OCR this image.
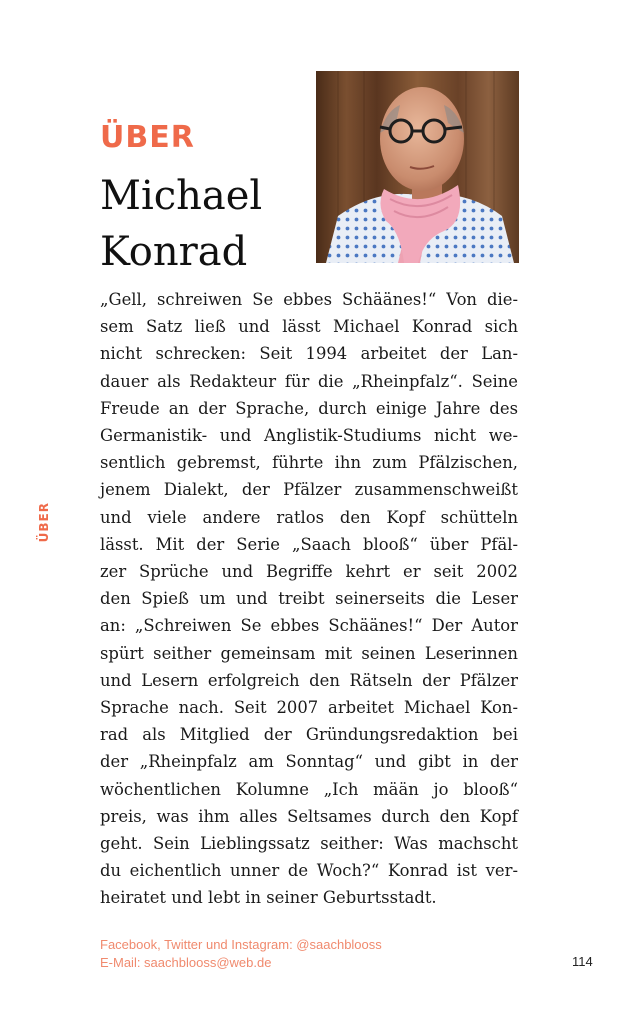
ÜBER
Michael
Konrad
ÜBER
„Gell, schreiwen Se ebbes Schäänes!“ Von die-
sem Satz ließ und lässt Michael Konrad sich
nicht schrecken: Seit 1994 arbeitet der Lan-
dauer als Redakteur für die „Rheinpfalz“. Seine
Freude an der Sprache, durch einige Jahre des
Germanistik- und Anglistik-Studiums nicht we-
sentlich gebremst, führte ihn zum Pfälzischen,
jenem Dialekt, der Pfälzer zusammenschweißt
und viele andere ratlos den Kopf schütteln
lässt. Mit der Serie „Saach blooß“ über Pfäl-
zer Sprüche und Begriffe kehrt er seit 2002
den Spieß um und treibt seinerseits die Leser
an: „Schreiwen Se ebbes Schäänes!“ Der Autor
spürt seither gemeinsam mit seinen Leserinnen
und Lesern erfolgreich den Rätseln der Pfälzer
Sprache nach. Seit 2007 arbeitet Michael Kon-
rad als Mitglied der Gründungsredaktion bei
der „Rheinpfalz am Sonntag“ und gibt in der
wöchentlichen Kolumne „Ich mään jo blooß“
preis, was ihm alles Seltsames durch den Kopf
geht. Sein Lieblingssatz seither: Was machscht
du eichentlich unner de Woch?“ Konrad ist ver-
heiratet und lebt in seiner Geburtsstadt.
Facebook, Twitter und Instagram: @saachblooss
E-Mail: saachblooss@web.de	114
